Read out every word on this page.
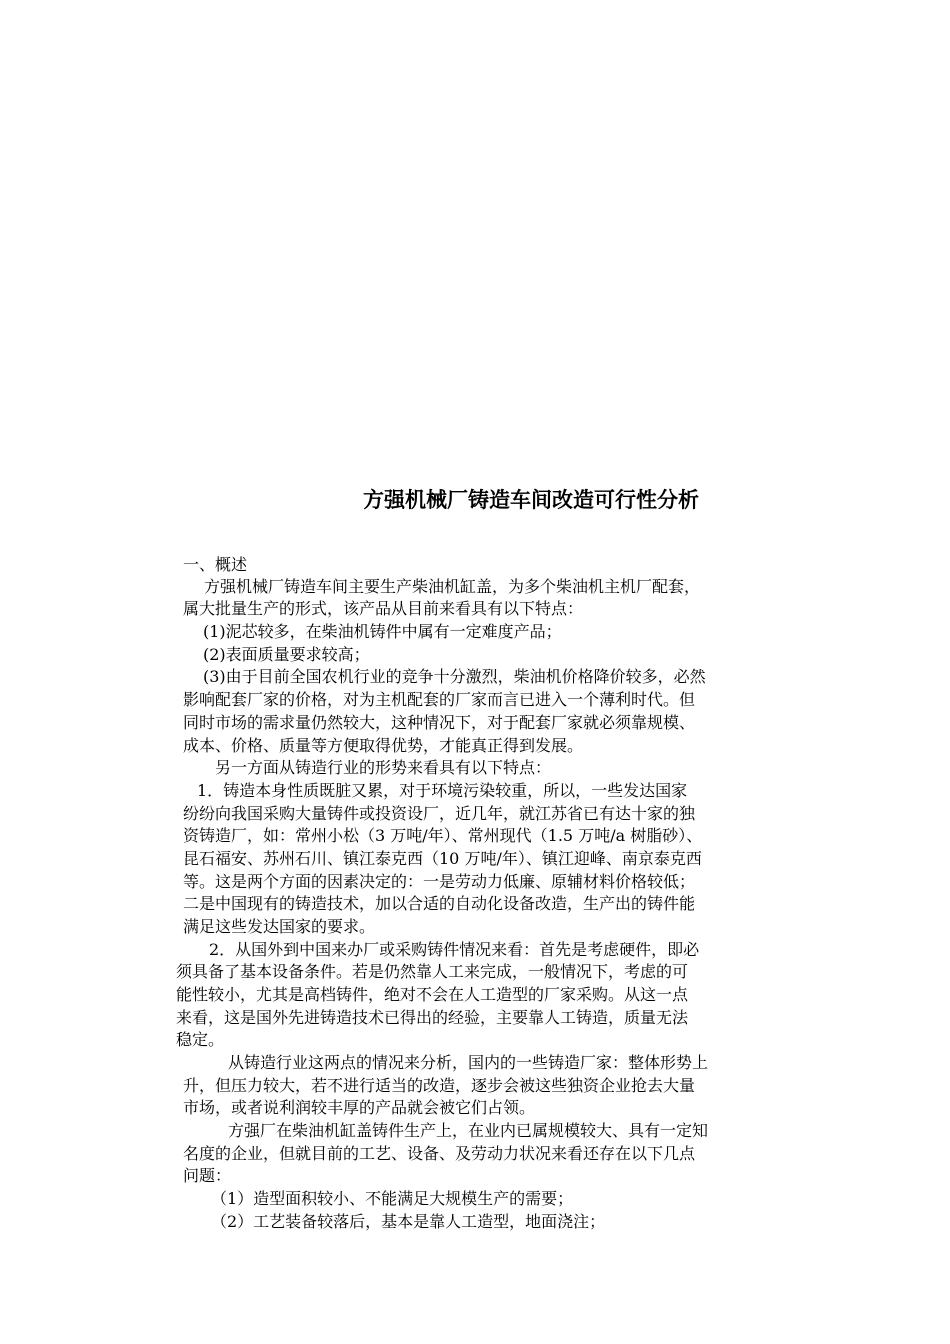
方强机械厂铸造车间改造可行性分析
一、概述
方强机械厂铸造车间主要生产柴油机缸盖，为多个柴油机主机厂配套，
属大批量生产的形式，该产品从目前来看具有以下特点：
(1)泥芯较多，在柴油机铸件中属有一定难度产品；
(2)表面质量要求较高；
(3)由于目前全国农机行业的竞争十分激烈，柴油机价格降价较多，必然
影响配套厂家的价格，对为主机配套的厂家而言已进入一个薄利时代。但
同时市场的需求量仍然较大，这种情况下，对于配套厂家就必须靠规模、
成本、价格、质量等方便取得优势，才能真正得到发展。
另一方面从铸造行业的形势来看具有以下特点：
1．铸造本身性质既脏又累，对于环境污染较重，所以，一些发达国家
纷纷向我国采购大量铸件或投资设厂，近几年，就江苏省已有达十家的独
资铸造厂，如：常州小松（3 万吨/年）、常州现代（1.5 万吨/a 树脂砂）、
昆石福安、苏州石川、镇江泰克西（10 万吨/年）、镇江迎峰、南京泰克西
等。这是两个方面的因素决定的：一是劳动力低廉、原辅材料价格较低；
二是中国现有的铸造技术，加以合适的自动化设备改造，生产出的铸件能
满足这些发达国家的要求。
2．从国外到中国来办厂或采购铸件情况来看：首先是考虑硬件，即必
须具备了基本设备条件。若是仍然靠人工来完成，一般情况下，考虑的可
能性较小，尤其是高档铸件，绝对不会在人工造型的厂家采购。从这一点
来看，这是国外先进铸造技术已得出的经验，主要靠人工铸造，质量无法
稳定。
从铸造行业这两点的情况来分析，国内的一些铸造厂家：整体形势上
升，但压力较大，若不进行适当的改造，逐步会被这些独资企业抢去大量
市场，或者说利润较丰厚的产品就会被它们占领。
方强厂在柴油机缸盖铸件生产上，在业内已属规模较大、具有一定知
名度的企业，但就目前的工艺、设备、及劳动力状况来看还存在以下几点
问题：
（1）造型面积较小、不能满足大规模生产的需要；
（2）工艺装备较落后，基本是靠人工造型，地面浇注；
